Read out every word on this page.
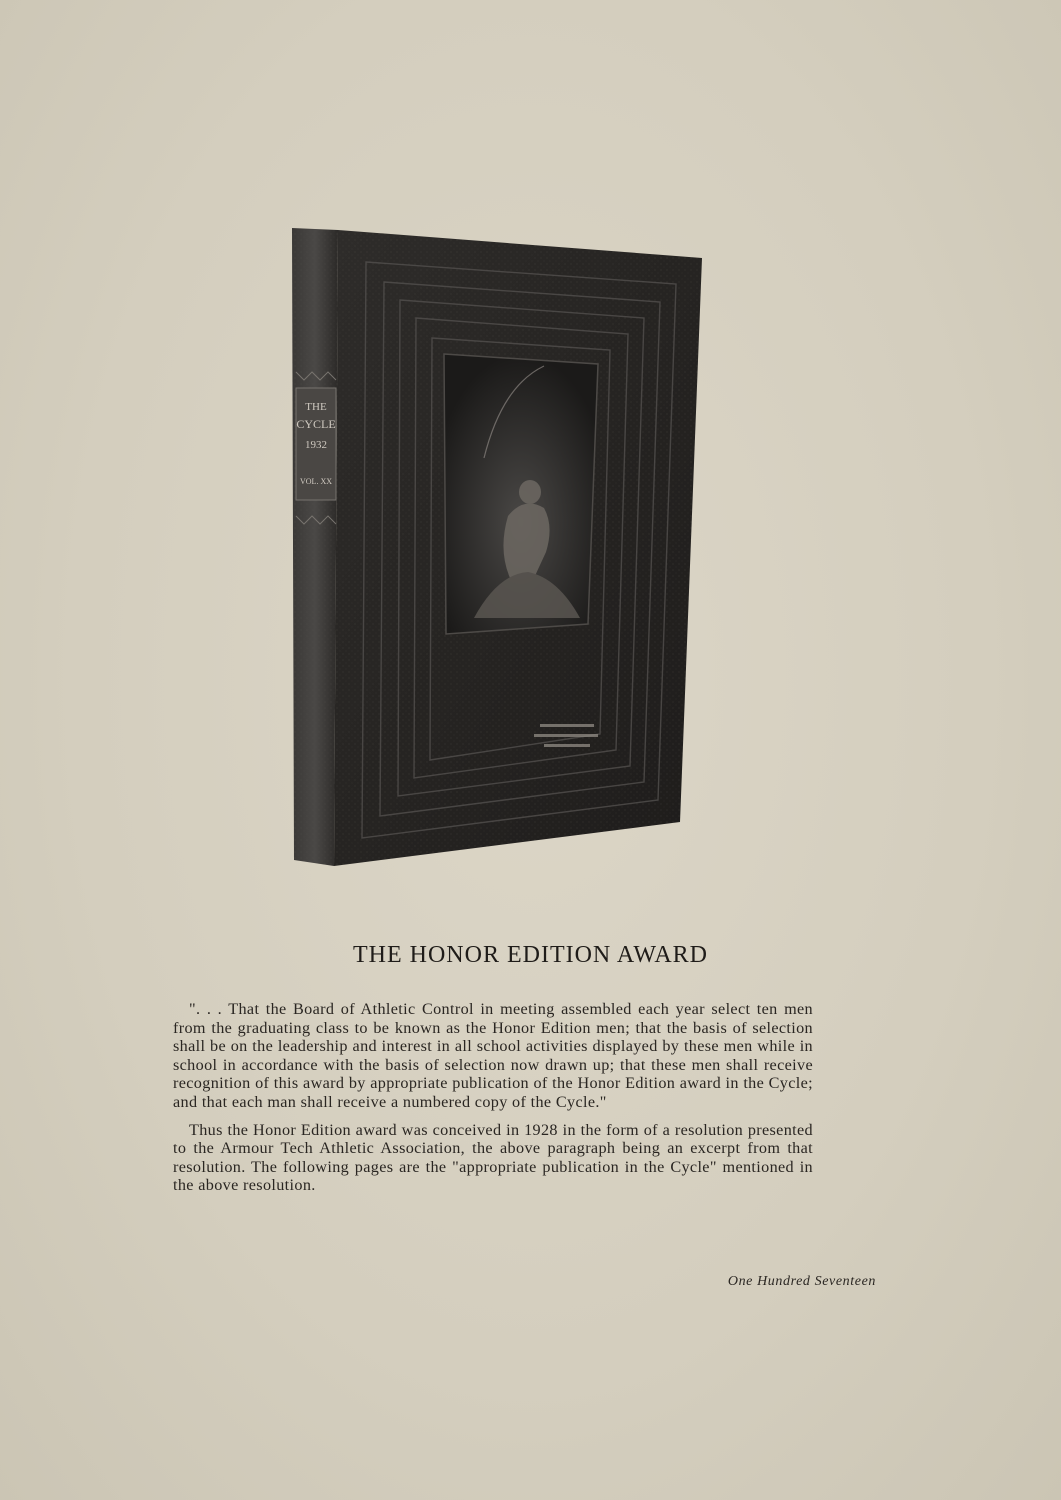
THE
CYCLE
1932
VOL. XX
THE HONOR EDITION AWARD

". . . That the Board of Athletic Control in meeting assembled each year select ten men from the graduating class to be known as the Honor Edition men; that the basis of selection shall be on the leadership and interest in all school activities displayed by these men while in school in accordance with the basis of selection now drawn up; that these men shall receive recognition of this award by appropriate publication of the Honor Edition award in the Cycle; and that each man shall receive a numbered copy of the Cycle."

Thus the Honor Edition award was conceived in 1928 in the form of a resolution presented to the Armour Tech Athletic Association, the above paragraph being an excerpt from that resolution. The following pages are the "appropriate publication in the Cycle" mentioned in the above resolution.

One Hundred Seventeen
